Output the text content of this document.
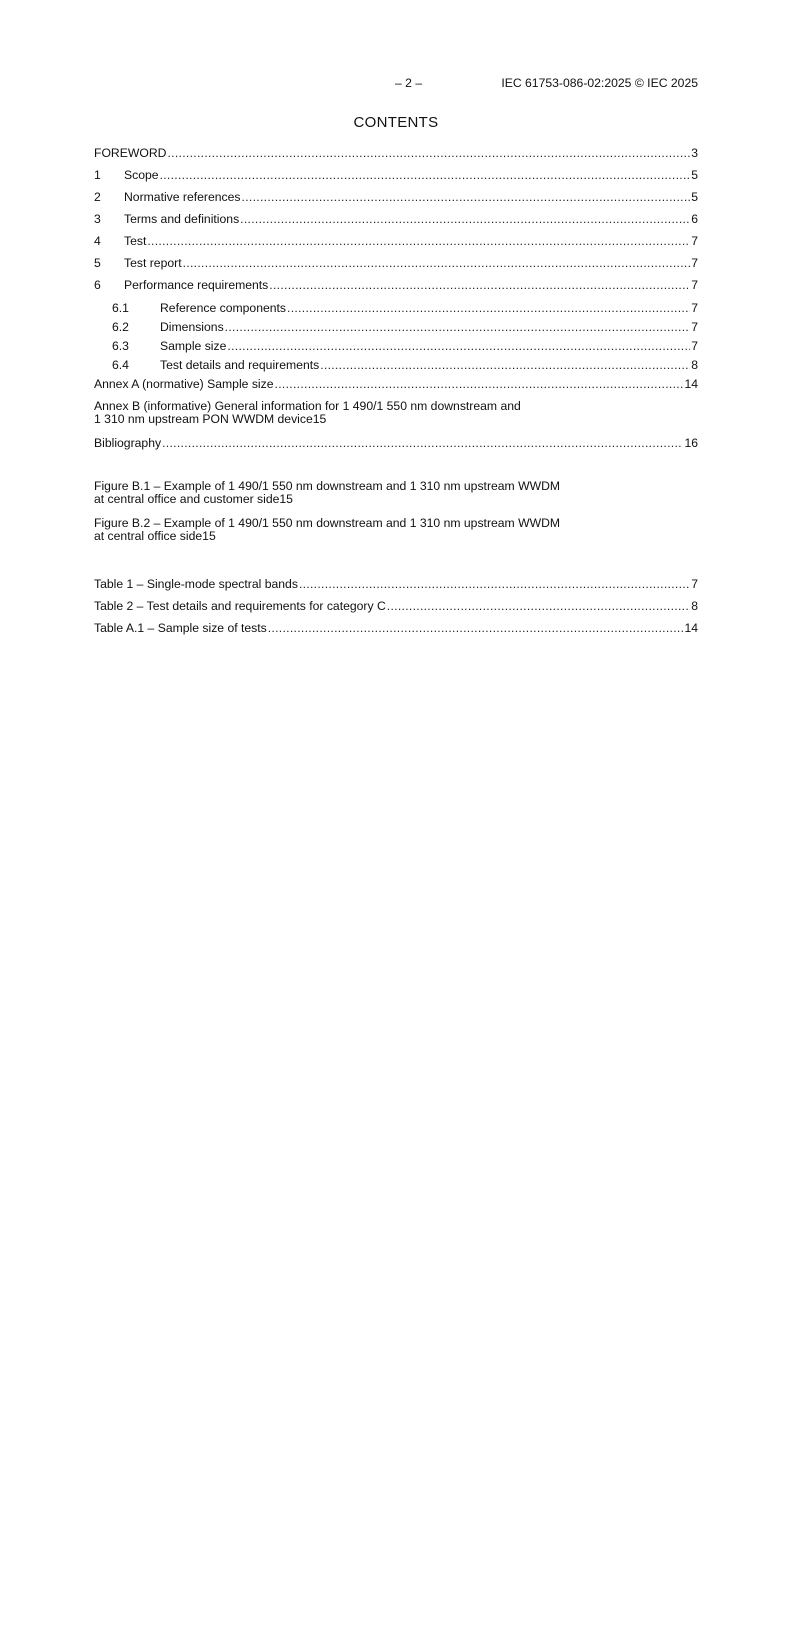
– 2 –	IEC 61753-086-02:2025 © IEC 2025
CONTENTS
FOREWORD .....	3
1	Scope .....	5
2	Normative references .....	5
3	Terms and definitions .....	6
4	Test .....	7
5	Test report .....	7
6	Performance requirements .....	7
6.1	Reference components .....	7
6.2	Dimensions .....	7
6.3	Sample size .....	7
6.4	Test details and requirements .....	8
Annex A (normative) Sample size .....	14
Annex B (informative) General information for 1 490/1 550 nm downstream and
1 310 nm upstream PON WWDM device 15
Bibliography .....	16
Figure B.1 – Example of 1 490/1 550 nm downstream and 1 310 nm upstream WWDM
at central office and customer side 15
Figure B.2 – Example of 1 490/1 550 nm downstream and 1 310 nm upstream WWDM
at central office side 15
Table 1 – Single-mode spectral bands .....	7
Table 2 – Test details and requirements for category C .....	8
Table A.1 – Sample size of tests .....	14
